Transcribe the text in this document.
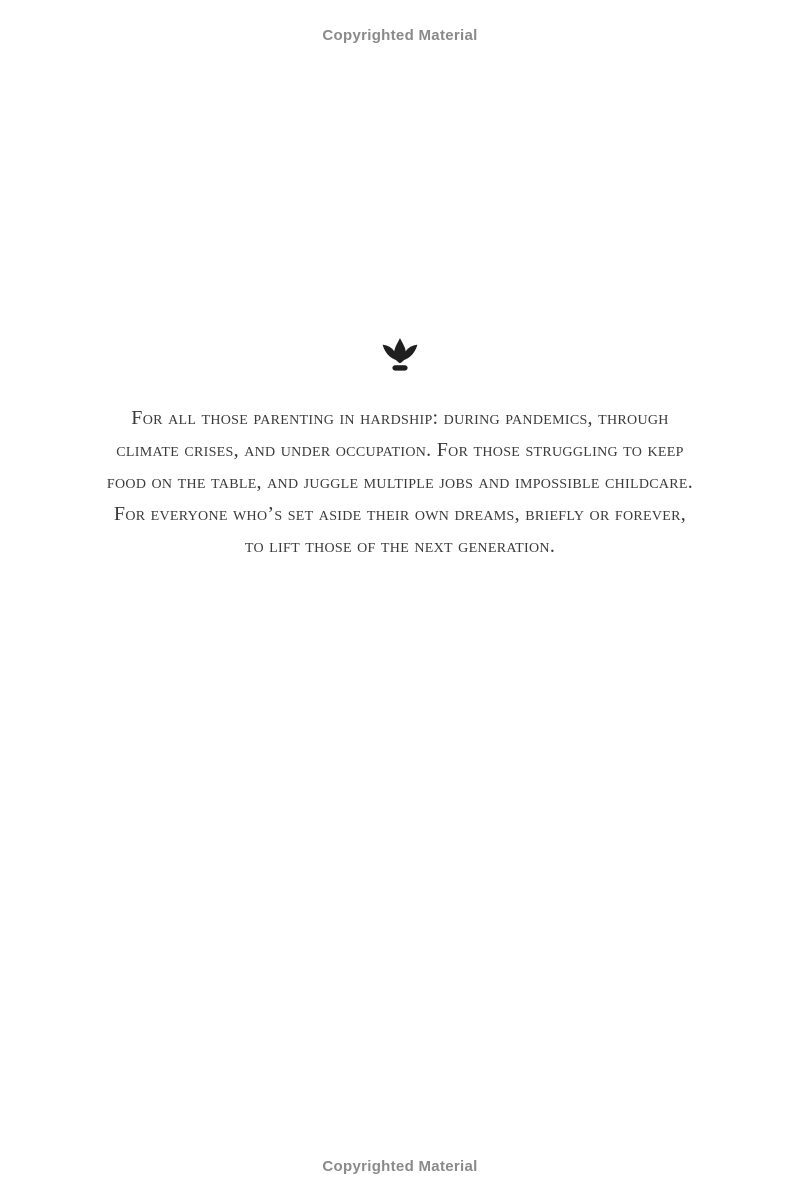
Copyrighted Material
For all those parenting in hardship: during pandemics, through
climate crises, and under occupation. For those struggling to keep
food on the table, and juggle multiple jobs and impossible childcare.
For everyone who’s set aside their own dreams, briefly or forever,
to lift those of the next generation.
Copyrighted Material
